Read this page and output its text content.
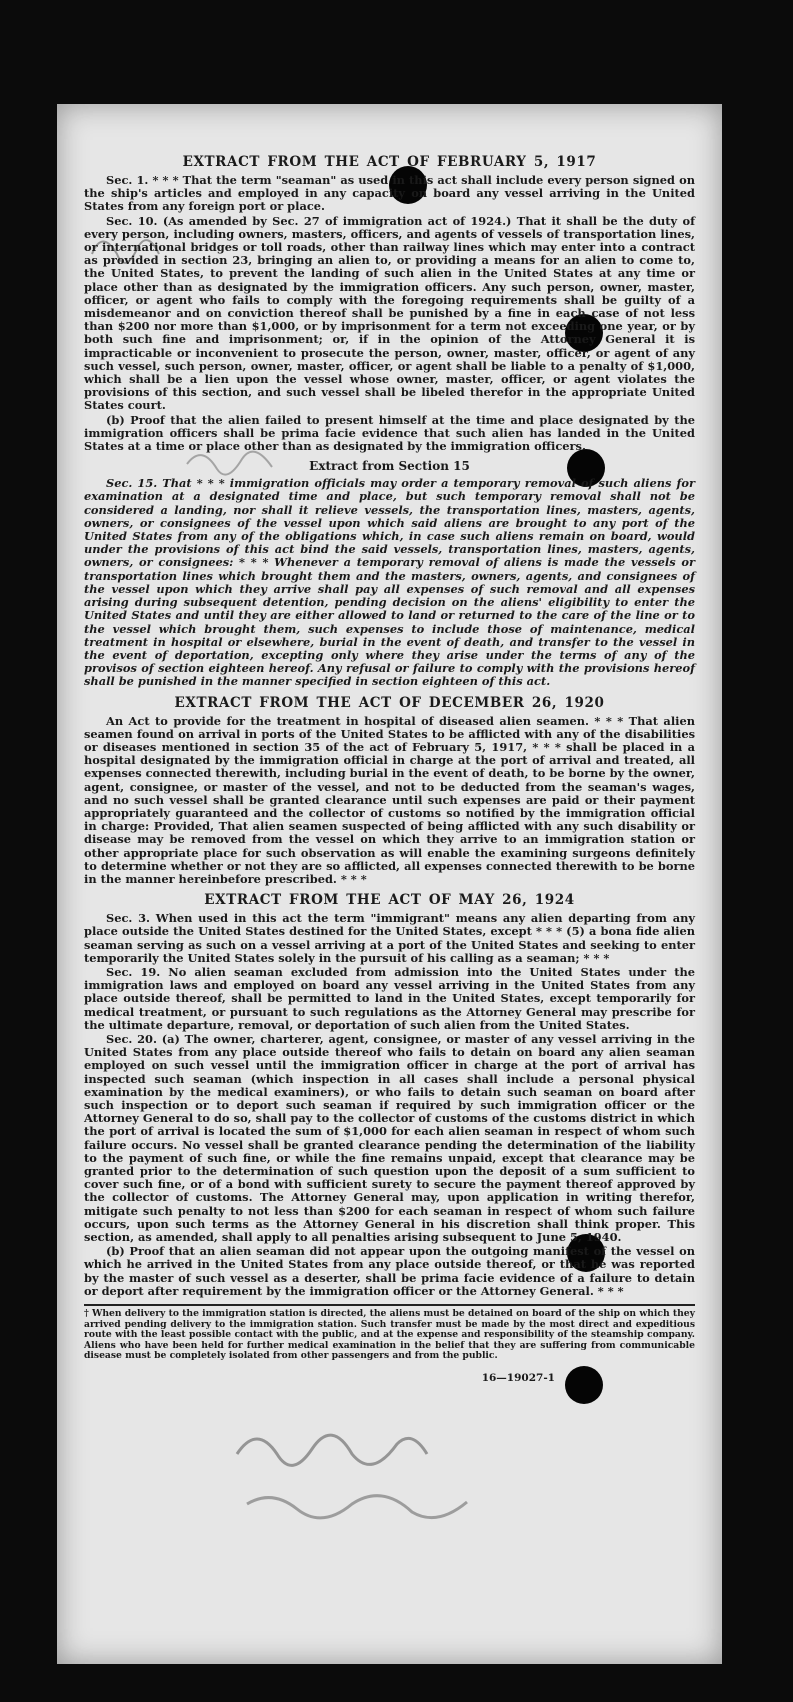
EXTRACT FROM THE ACT OF FEBRUARY 5, 1917

Sec. 1. * * * That the term "seaman" as used in this act shall include every person signed on the ship's articles and employed in any capacity on board any vessel arriving in the United States from any foreign port or place.

Sec. 10. (As amended by Sec. 27 of immigration act of 1924.) That it shall be the duty of every person, including owners, masters, officers, and agents of vessels of transportation lines, or international bridges or toll roads, other than railway lines which may enter into a contract as provided in section 23, bringing an alien to, or providing a means for an alien to come to, the United States, to prevent the landing of such alien in the United States at any time or place other than as designated by the immigration officers. Any such person, owner, master, officer, or agent who fails to comply with the foregoing requirements shall be guilty of a misdemeanor and on conviction thereof shall be punished by a fine in each case of not less than $200 nor more than $1,000, or by imprisonment for a term not exceeding one year, or by both such fine and imprisonment; or, if in the opinion of the Attorney General it is impracticable or inconvenient to prosecute the person, owner, master, officer, or agent of any such vessel, such person, owner, master, officer, or agent shall be liable to a penalty of $1,000, which shall be a lien upon the vessel whose owner, master, officer, or agent violates the provisions of this section, and such vessel shall be libeled therefor in the appropriate United States court.

(b) Proof that the alien failed to present himself at the time and place designated by the immigration officers shall be prima facie evidence that such alien has landed in the United States at a time or place other than as designated by the immigration officers.

Extract from Section 15

Sec. 15. That * * * immigration officials may order a temporary removal of such aliens for examination at a designated time and place, but such temporary removal shall not be considered a landing, nor shall it relieve vessels, the transportation lines, masters, agents, owners, or consignees of the vessel upon which said aliens are brought to any port of the United States from any of the obligations which, in case such aliens remain on board, would under the provisions of this act bind the said vessels, transportation lines, masters, agents, owners, or consignees: * * * Whenever a temporary removal of aliens is made the vessels or transportation lines which brought them and the masters, owners, agents, and consignees of the vessel upon which they arrive shall pay all expenses of such removal and all expenses arising during subsequent detention, pending decision on the aliens' eligibility to enter the United States and until they are either allowed to land or returned to the care of the line or to the vessel which brought them, such expenses to include those of maintenance, medical treatment in hospital or elsewhere, burial in the event of death, and transfer to the vessel in the event of deportation, excepting only where they arise under the terms of any of the provisos of section eighteen hereof. Any refusal or failure to comply with the provisions hereof shall be punished in the manner specified in section eighteen of this act.

EXTRACT FROM THE ACT OF DECEMBER 26, 1920

An Act to provide for the treatment in hospital of diseased alien seamen. * * * That alien seamen found on arrival in ports of the United States to be afflicted with any of the disabilities or diseases mentioned in section 35 of the act of February 5, 1917, * * * shall be placed in a hospital designated by the immigration official in charge at the port of arrival and treated, all expenses connected therewith, including burial in the event of death, to be borne by the owner, agent, consignee, or master of the vessel, and not to be deducted from the seaman's wages, and no such vessel shall be granted clearance until such expenses are paid or their payment appropriately guaranteed and the collector of customs so notified by the immigration official in charge: Provided, That alien seamen suspected of being afflicted with any such disability or disease may be removed from the vessel on which they arrive to an immigration station or other appropriate place for such observation as will enable the examining surgeons definitely to determine whether or not they are so afflicted, all expenses connected therewith to be borne in the manner hereinbefore prescribed. * * *

EXTRACT FROM THE ACT OF MAY 26, 1924

Sec. 3. When used in this act the term "immigrant" means any alien departing from any place outside the United States destined for the United States, except * * * (5) a bona fide alien seaman serving as such on a vessel arriving at a port of the United States and seeking to enter temporarily the United States solely in the pursuit of his calling as a seaman; * * *

Sec. 19. No alien seaman excluded from admission into the United States under the immigration laws and employed on board any vessel arriving in the United States from any place outside thereof, shall be permitted to land in the United States, except temporarily for medical treatment, or pursuant to such regulations as the Attorney General may prescribe for the ultimate departure, removal, or deportation of such alien from the United States.

Sec. 20. (a) The owner, charterer, agent, consignee, or master of any vessel arriving in the United States from any place outside thereof who fails to detain on board any alien seaman employed on such vessel until the immigration officer in charge at the port of arrival has inspected such seaman (which inspection in all cases shall include a personal physical examination by the medical examiners), or who fails to detain such seaman on board after such inspection or to deport such seaman if required by such immigration officer or the Attorney General to do so, shall pay to the collector of customs of the customs district in which the port of arrival is located the sum of $1,000 for each alien seaman in respect of whom such failure occurs. No vessel shall be granted clearance pending the determination of the liability to the payment of such fine, or while the fine remains unpaid, except that clearance may be granted prior to the determination of such question upon the deposit of a sum sufficient to cover such fine, or of a bond with sufficient surety to secure the payment thereof approved by the collector of customs. The Attorney General may, upon application in writing therefor, mitigate such penalty to not less than $200 for each seaman in respect of whom such failure occurs, upon such terms as the Attorney General in his discretion shall think proper. This section, as amended, shall apply to all penalties arising subsequent to June 5, 1940.

(b) Proof that an alien seaman did not appear upon the outgoing manifest of the vessel on which he arrived in the United States from any place outside thereof, or that he was reported by the master of such vessel as a deserter, shall be prima facie evidence of a failure to detain or deport after requirement by the immigration officer or the Attorney General. * * *

† When delivery to the immigration station is directed, the aliens must be detained on board of the ship on which they arrived pending delivery to the immigration station. Such transfer must be made by the most direct and expeditious route with the least possible contact with the public, and at the expense and responsibility of the steamship company. Aliens who have been held for further medical examination in the belief that they are suffering from communicable disease must be completely isolated from other passengers and from the public.
16—19027-1
